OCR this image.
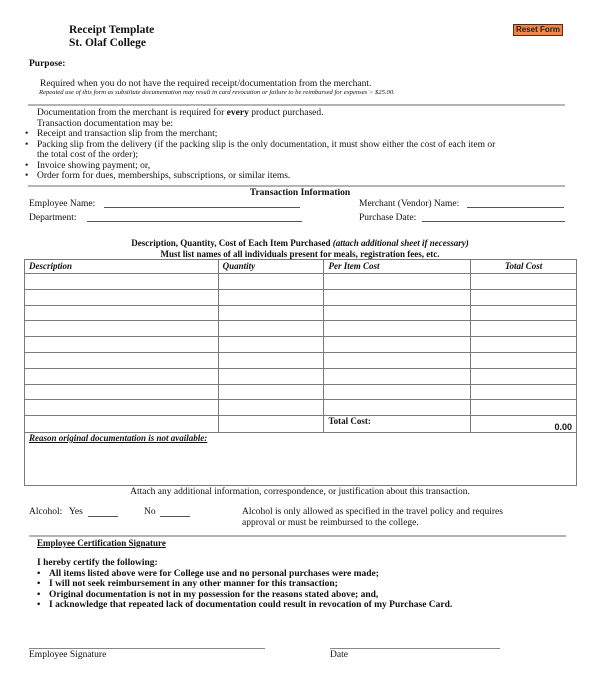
Receipt Template
St. Olaf College
Reset Form
Purpose:
Required when you do not have the required receipt/documentation from the merchant.
Repeated use of this form as substitute documentation may result in card revocation or failure to be reimbursed for expenses > $25.00.
Documentation from the merchant is required for every product purchased.
Transaction documentation may be:
• Receipt and transaction slip from the merchant;
• Packing slip from the delivery (if the packing slip is the only documentation, it must show either the cost of each item or the total cost of the order);
• Invoice showing payment; or,
• Order form for dues, memberships, subscriptions, or similar items.
Transaction Information
Employee Name:	Merchant (Vendor) Name:
Department:	Purchase Date:
Description, Quantity, Cost of Each Item Purchased (attach additional sheet if necessary)
Must list names of all individuals present for meals, registration fees, etc.
Description	Quantity	Per Item Cost	Total Cost

		Total Cost:	0.00
Reason original documentation is not available:
Attach any additional information, correspondence, or justification about this transaction.
Alcohol: Yes	No	Alcohol is only allowed as specified in the travel policy and requires
approval or must be reimbursed to the college.
Employee Certification Signature
I hereby certify the following:
• All items listed above were for College use and no personal purchases were made;
• I will not seek reimbursement in any other manner for this transaction;
• Original documentation is not in my possession for the reasons stated above; and,
• I acknowledge that repeated lack of documentation could result in revocation of my Purchase Card.
Employee Signature	Date
